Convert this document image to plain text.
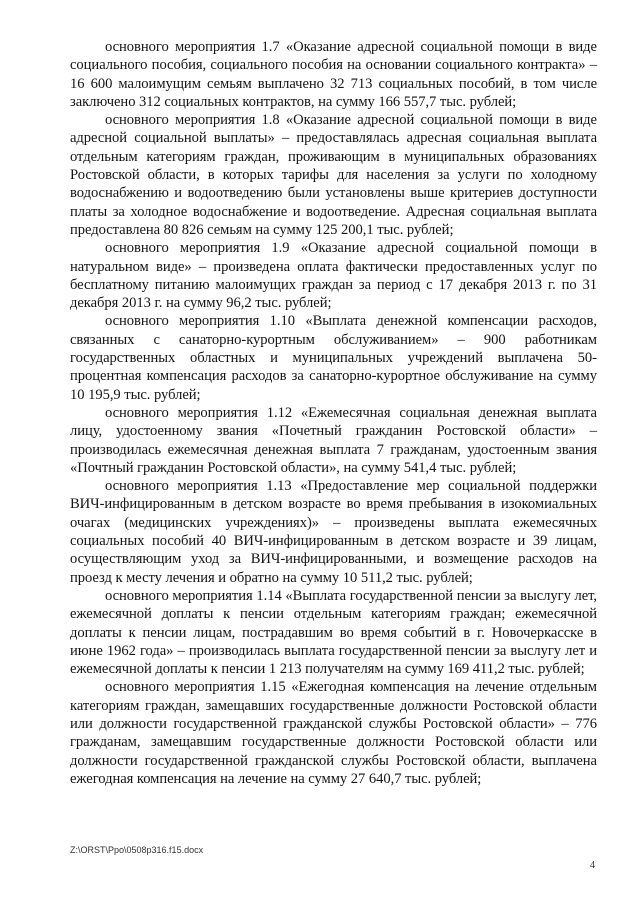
основного мероприятия 1.7 «Оказание адресной социальной помощи в виде социального пособия, социального пособия на основании социального контракта» – 16 600 малоимущим семьям выплачено 32 713 социальных пособий, в том числе заключено 312 социальных контрактов, на сумму 166 557,7 тыс. рублей;

основного мероприятия 1.8 «Оказание адресной социальной помощи в виде адресной социальной выплаты» – предоставлялась адресная социальная выплата отдельным категориям граждан, проживающим в муниципальных образованиях Ростовской области, в которых тарифы для населения за услуги по холодному водоснабжению и водоотведению были установлены выше критериев доступности платы за холодное водоснабжение и водоотведение. Адресная социальная выплата предоставлена 80 826 семьям на сумму 125 200,1 тыс. рублей;

основного мероприятия 1.9 «Оказание адресной социальной помощи в натуральном виде» – произведена оплата фактически предоставленных услуг по бесплатному питанию малоимущих граждан за период с 17 декабря 2013 г. по 31 декабря 2013 г. на сумму 96,2 тыс. рублей;

основного мероприятия 1.10 «Выплата денежной компенсации расходов, связанных с санаторно-курортным обслуживанием» – 900 работникам государственных областных и муниципальных учреждений выплачена 50-процентная компенсация расходов за санаторно-курортное обслуживание на сумму 10 195,9 тыс. рублей;

основного мероприятия 1.12 «Ежемесячная социальная денежная выплата лицу, удостоенному звания «Почетный гражданин Ростовской области» – производилась ежемесячная денежная выплата 7 гражданам, удостоенным звания «Почтный гражданин Ростовской области», на сумму 541,4 тыс. рублей;

основного мероприятия 1.13 «Предоставление мер социальной поддержки ВИЧ-инфицированным в детском возрасте во время пребывания в изокомиальных очагах (медицинских учреждениях)» – произведены выплата ежемесячных социальных пособий 40 ВИЧ-инфицированным в детском возрасте и 39 лицам, осуществляющим уход за ВИЧ-инфицированными, и возмещение расходов на проезд к месту лечения и обратно на сумму 10 511,2 тыс. рублей;

основного мероприятия 1.14 «Выплата государственной пенсии за выслугу лет, ежемесячной доплаты к пенсии отдельным категориям граждан; ежемесячной доплаты к пенсии лицам, пострадавшим во время событий в г. Новочеркасске в июне 1962 года» – производилась выплата государственной пенсии за выслугу лет и ежемесячной доплаты к пенсии 1 213 получателям на сумму 169 411,2 тыс. рублей;

основного мероприятия 1.15 «Ежегодная компенсация на лечение отдельным категориям граждан, замещавших государственные должности Ростовской области или должности государственной гражданской службы Ростовской области» – 776 гражданам, замещавшим государственные должности Ростовской области или должности государственной гражданской службы Ростовской области, выплачена ежегодная компенсация на лечение на сумму 27 640,7 тыс. рублей;

Z:\ORST\Ppo\0508p316.f15.docx
4
